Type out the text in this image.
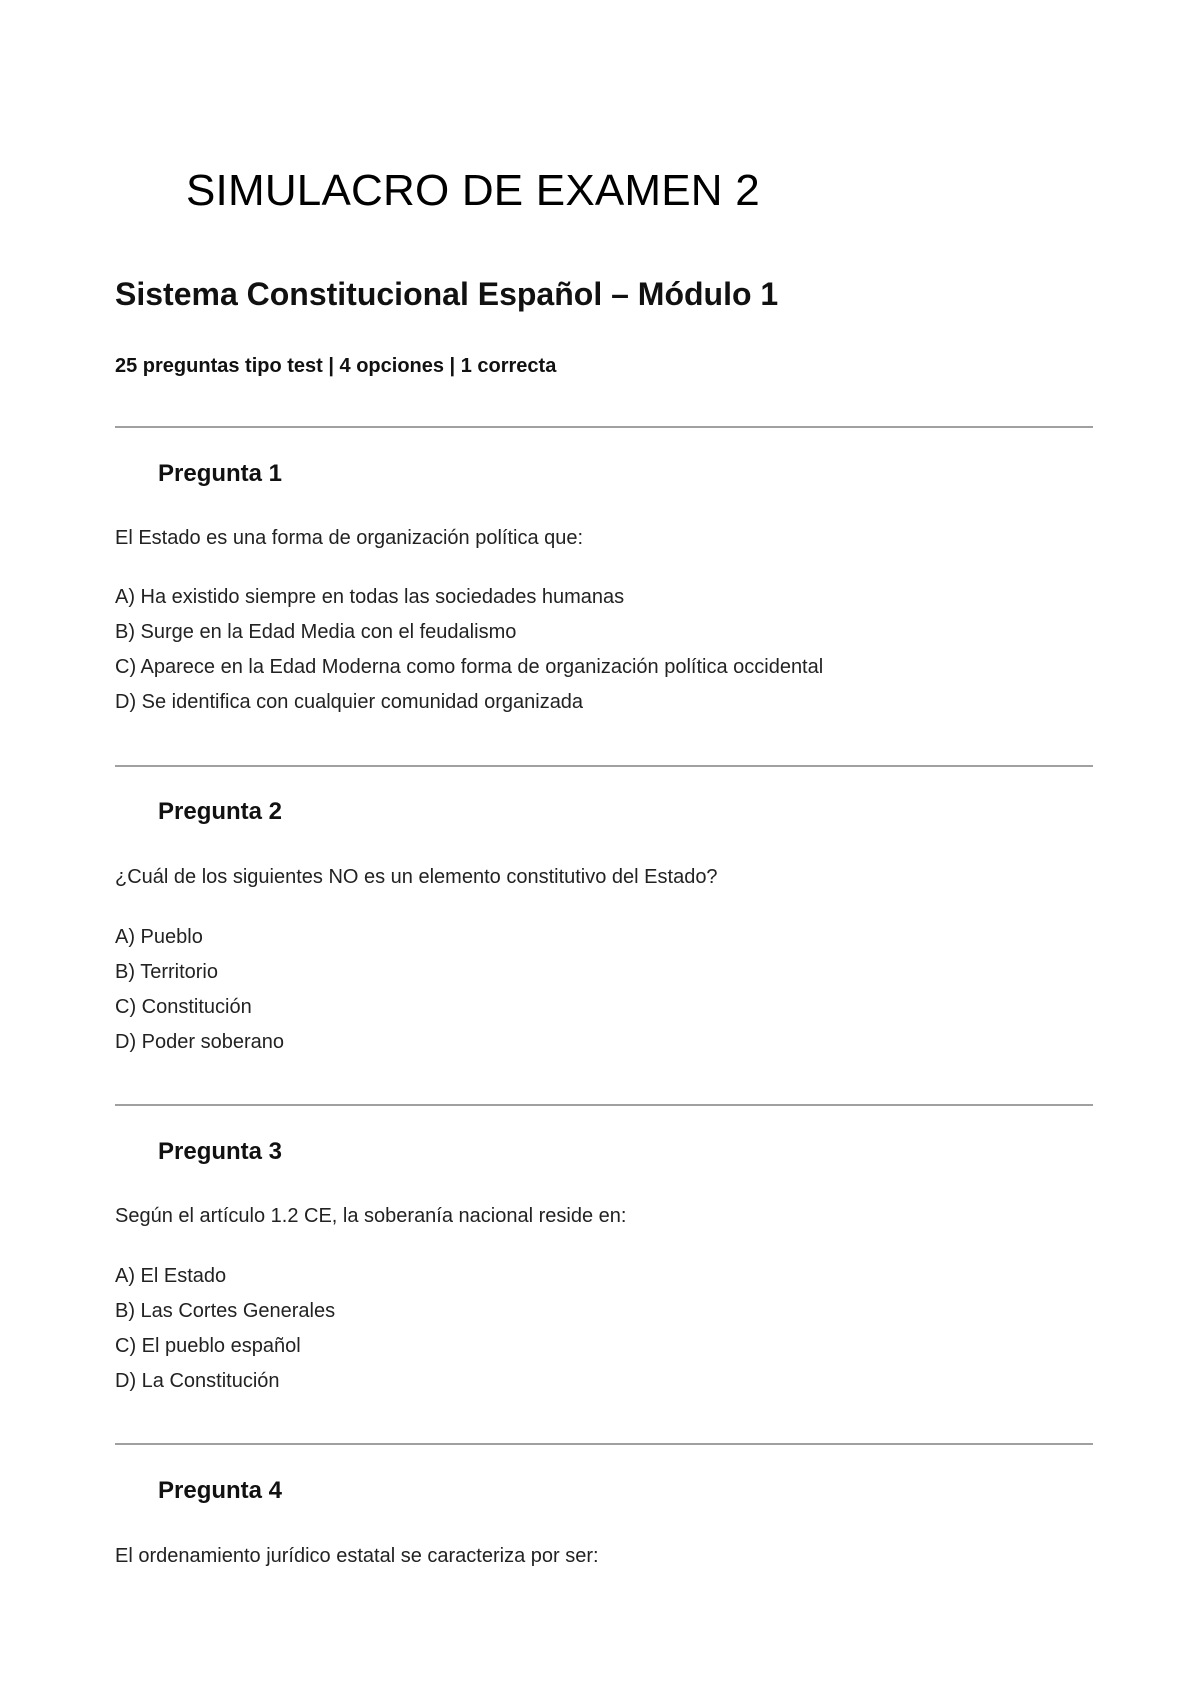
SIMULACRO DE EXAMEN 2
Sistema Constitucional Español – Módulo 1

25 preguntas tipo test | 4 opciones | 1 correcta

Pregunta 1

El Estado es una forma de organización política que:

A) Ha existido siempre en todas las sociedades humanas
B) Surge en la Edad Media con el feudalismo
C) Aparece en la Edad Moderna como forma de organización política occidental
D) Se identifica con cualquier comunidad organizada
Pregunta 2

¿Cuál de los siguientes NO es un elemento constitutivo del Estado?

A) Pueblo
B) Territorio
C) Constitución
D) Poder soberano
Pregunta 3

Según el artículo 1.2 CE, la soberanía nacional reside en:

A) El Estado
B) Las Cortes Generales
C) El pueblo español
D) La Constitución
Pregunta 4

El ordenamiento jurídico estatal se caracteriza por ser:
